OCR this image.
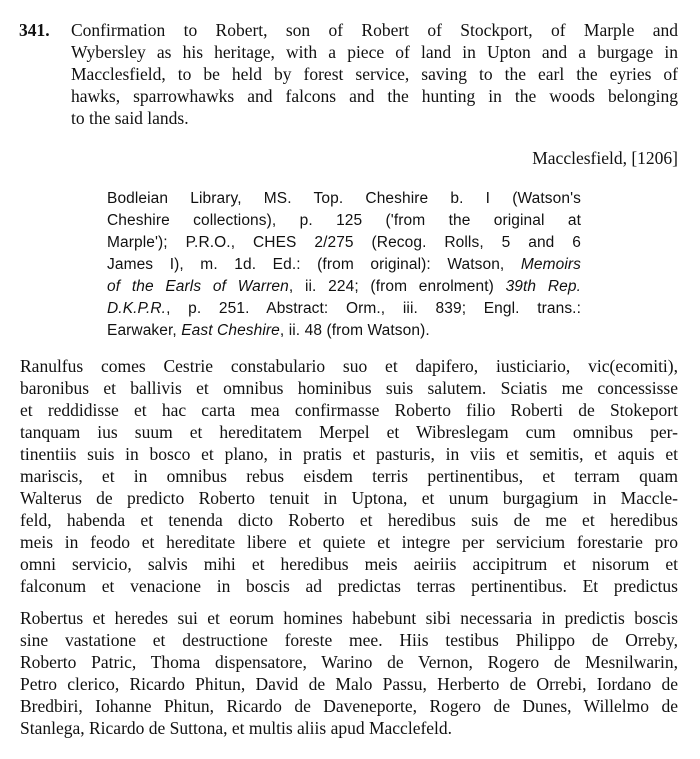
341. Confirmation to Robert, son of Robert of Stockport, of Marple and
Wybersley as his heritage, with a piece of land in Upton and a burgage in
Macclesfield, to be held by forest service, saving to the earl the eyries of
hawks, sparrowhawks and falcons and the hunting in the woods belonging
to the said lands.
Macclesfield, [1206]
Bodleian Library, MS. Top. Cheshire b. I (Watson's
Cheshire collections), p. 125 ('from the original at
Marple'); P.R.O., CHES 2/275 (Recog. Rolls, 5 and 6
James I), m. 1d. Ed.: (from original): Watson, Memoirs
of the Earls of Warren, ii. 224; (from enrolment) 39th Rep.
D.K.P.R., p. 251. Abstract: Orm., iii. 839; Engl. trans.:
Earwaker, East Cheshire, ii. 48 (from Watson).
Ranulfus comes Cestrie constabulario suo et dapifero, iusticiario, vic(ecomiti),
baronibus et ballivis et omnibus hominibus suis salutem. Sciatis me concessisse
et reddidisse et hac carta mea confirmasse Roberto filio Roberti de Stokeport
tanquam ius suum et hereditatem Merpel et Wibreslegam cum omnibus per-
tinentiis suis in bosco et plano, in pratis et pasturis, in viis et semitis, et aquis et
mariscis, et in omnibus rebus eisdem terris pertinentibus, et terram quam
Walterus de predicto Roberto tenuit in Uptona, et unum burgagium in Maccle-
feld, habenda et tenenda dicto Roberto et heredibus suis de me et heredibus
meis in feodo et hereditate libere et quiete et integre per servicium forestarie pro
omni servicio, salvis mihi et heredibus meis aeiriis accipitrum et nisorum et
falconum et venacione in boscis ad predictas terras pertinentibus. Et predictus
Robertus et heredes sui et eorum homines habebunt sibi necessaria in predictis boscis
sine vastatione et destructione foreste mee. Hiis testibus Philippo de Orreby,
Roberto Patric, Thoma dispensatore, Warino de Vernon, Rogero de Mesnilwarin,
Petro clerico, Ricardo Phitun, David de Malo Passu, Herberto de Orrebi, Iordano de
Bredbiri, Iohanne Phitun, Ricardo de Daveneporte, Rogero de Dunes, Willelmo de
Stanlega, Ricardo de Suttona, et multis aliis apud Macclefeld.
